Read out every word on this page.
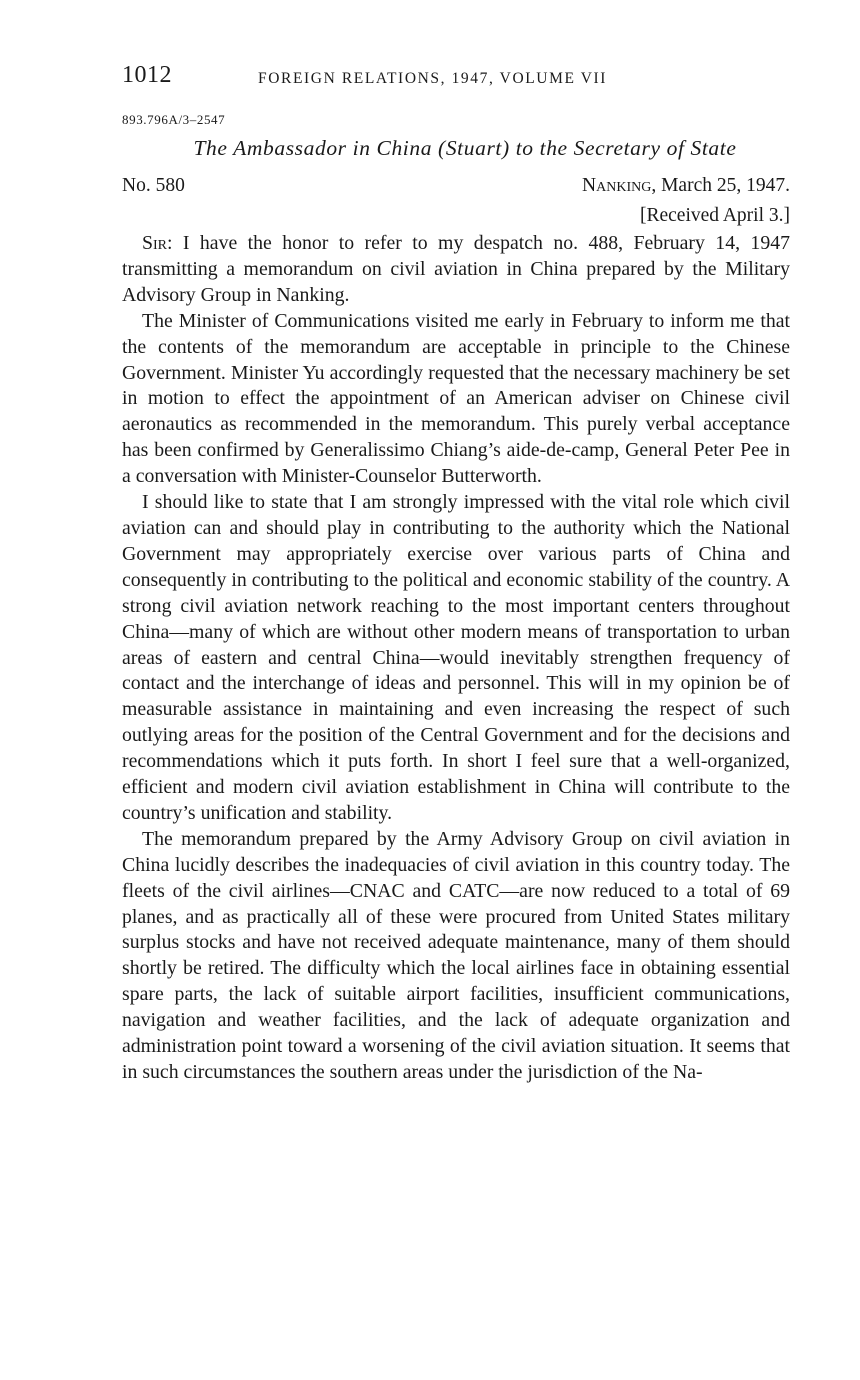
1012	FOREIGN RELATIONS, 1947, VOLUME VII
893.796A/3–2547
The Ambassador in China (Stuart) to the Secretary of State
No. 580	Nanking, March 25, 1947.
[Received April 3.]

Sir: I have the honor to refer to my despatch no. 488, February 14, 1947 transmitting a memorandum on civil aviation in China prepared by the Military Advisory Group in Nanking.

The Minister of Communications visited me early in February to inform me that the contents of the memorandum are acceptable in principle to the Chinese Government. Minister Yu accordingly requested that the necessary machinery be set in motion to effect the appointment of an American adviser on Chinese civil aeronautics as recommended in the memorandum. This purely verbal acceptance has been confirmed by Generalissimo Chiang’s aide-de-camp, General Peter Pee in a conversation with Minister-Counselor Butterworth.

I should like to state that I am strongly impressed with the vital role which civil aviation can and should play in contributing to the authority which the National Government may appropriately exercise over various parts of China and consequently in contributing to the political and economic stability of the country. A strong civil aviation network reaching to the most important centers throughout China—many of which are without other modern means of transportation to urban areas of eastern and central China—would inevitably strengthen frequency of contact and the interchange of ideas and personnel. This will in my opinion be of measurable assistance in maintaining and even increasing the respect of such outlying areas for the position of the Central Government and for the decisions and recommendations which it puts forth. In short I feel sure that a well-organized, efficient and modern civil aviation establishment in China will contribute to the country’s unification and stability.

The memorandum prepared by the Army Advisory Group on civil aviation in China lucidly describes the inadequacies of civil aviation in this country today. The fleets of the civil airlines—CNAC and CATC—are now reduced to a total of 69 planes, and as practically all of these were procured from United States military surplus stocks and have not received adequate maintenance, many of them should shortly be retired. The difficulty which the local airlines face in obtaining essential spare parts, the lack of suitable airport facilities, insufficient communications, navigation and weather facilities, and the lack of adequate organization and administration point toward a worsening of the civil aviation situation. It seems that in such circumstances the southern areas under the jurisdiction of the Na-
